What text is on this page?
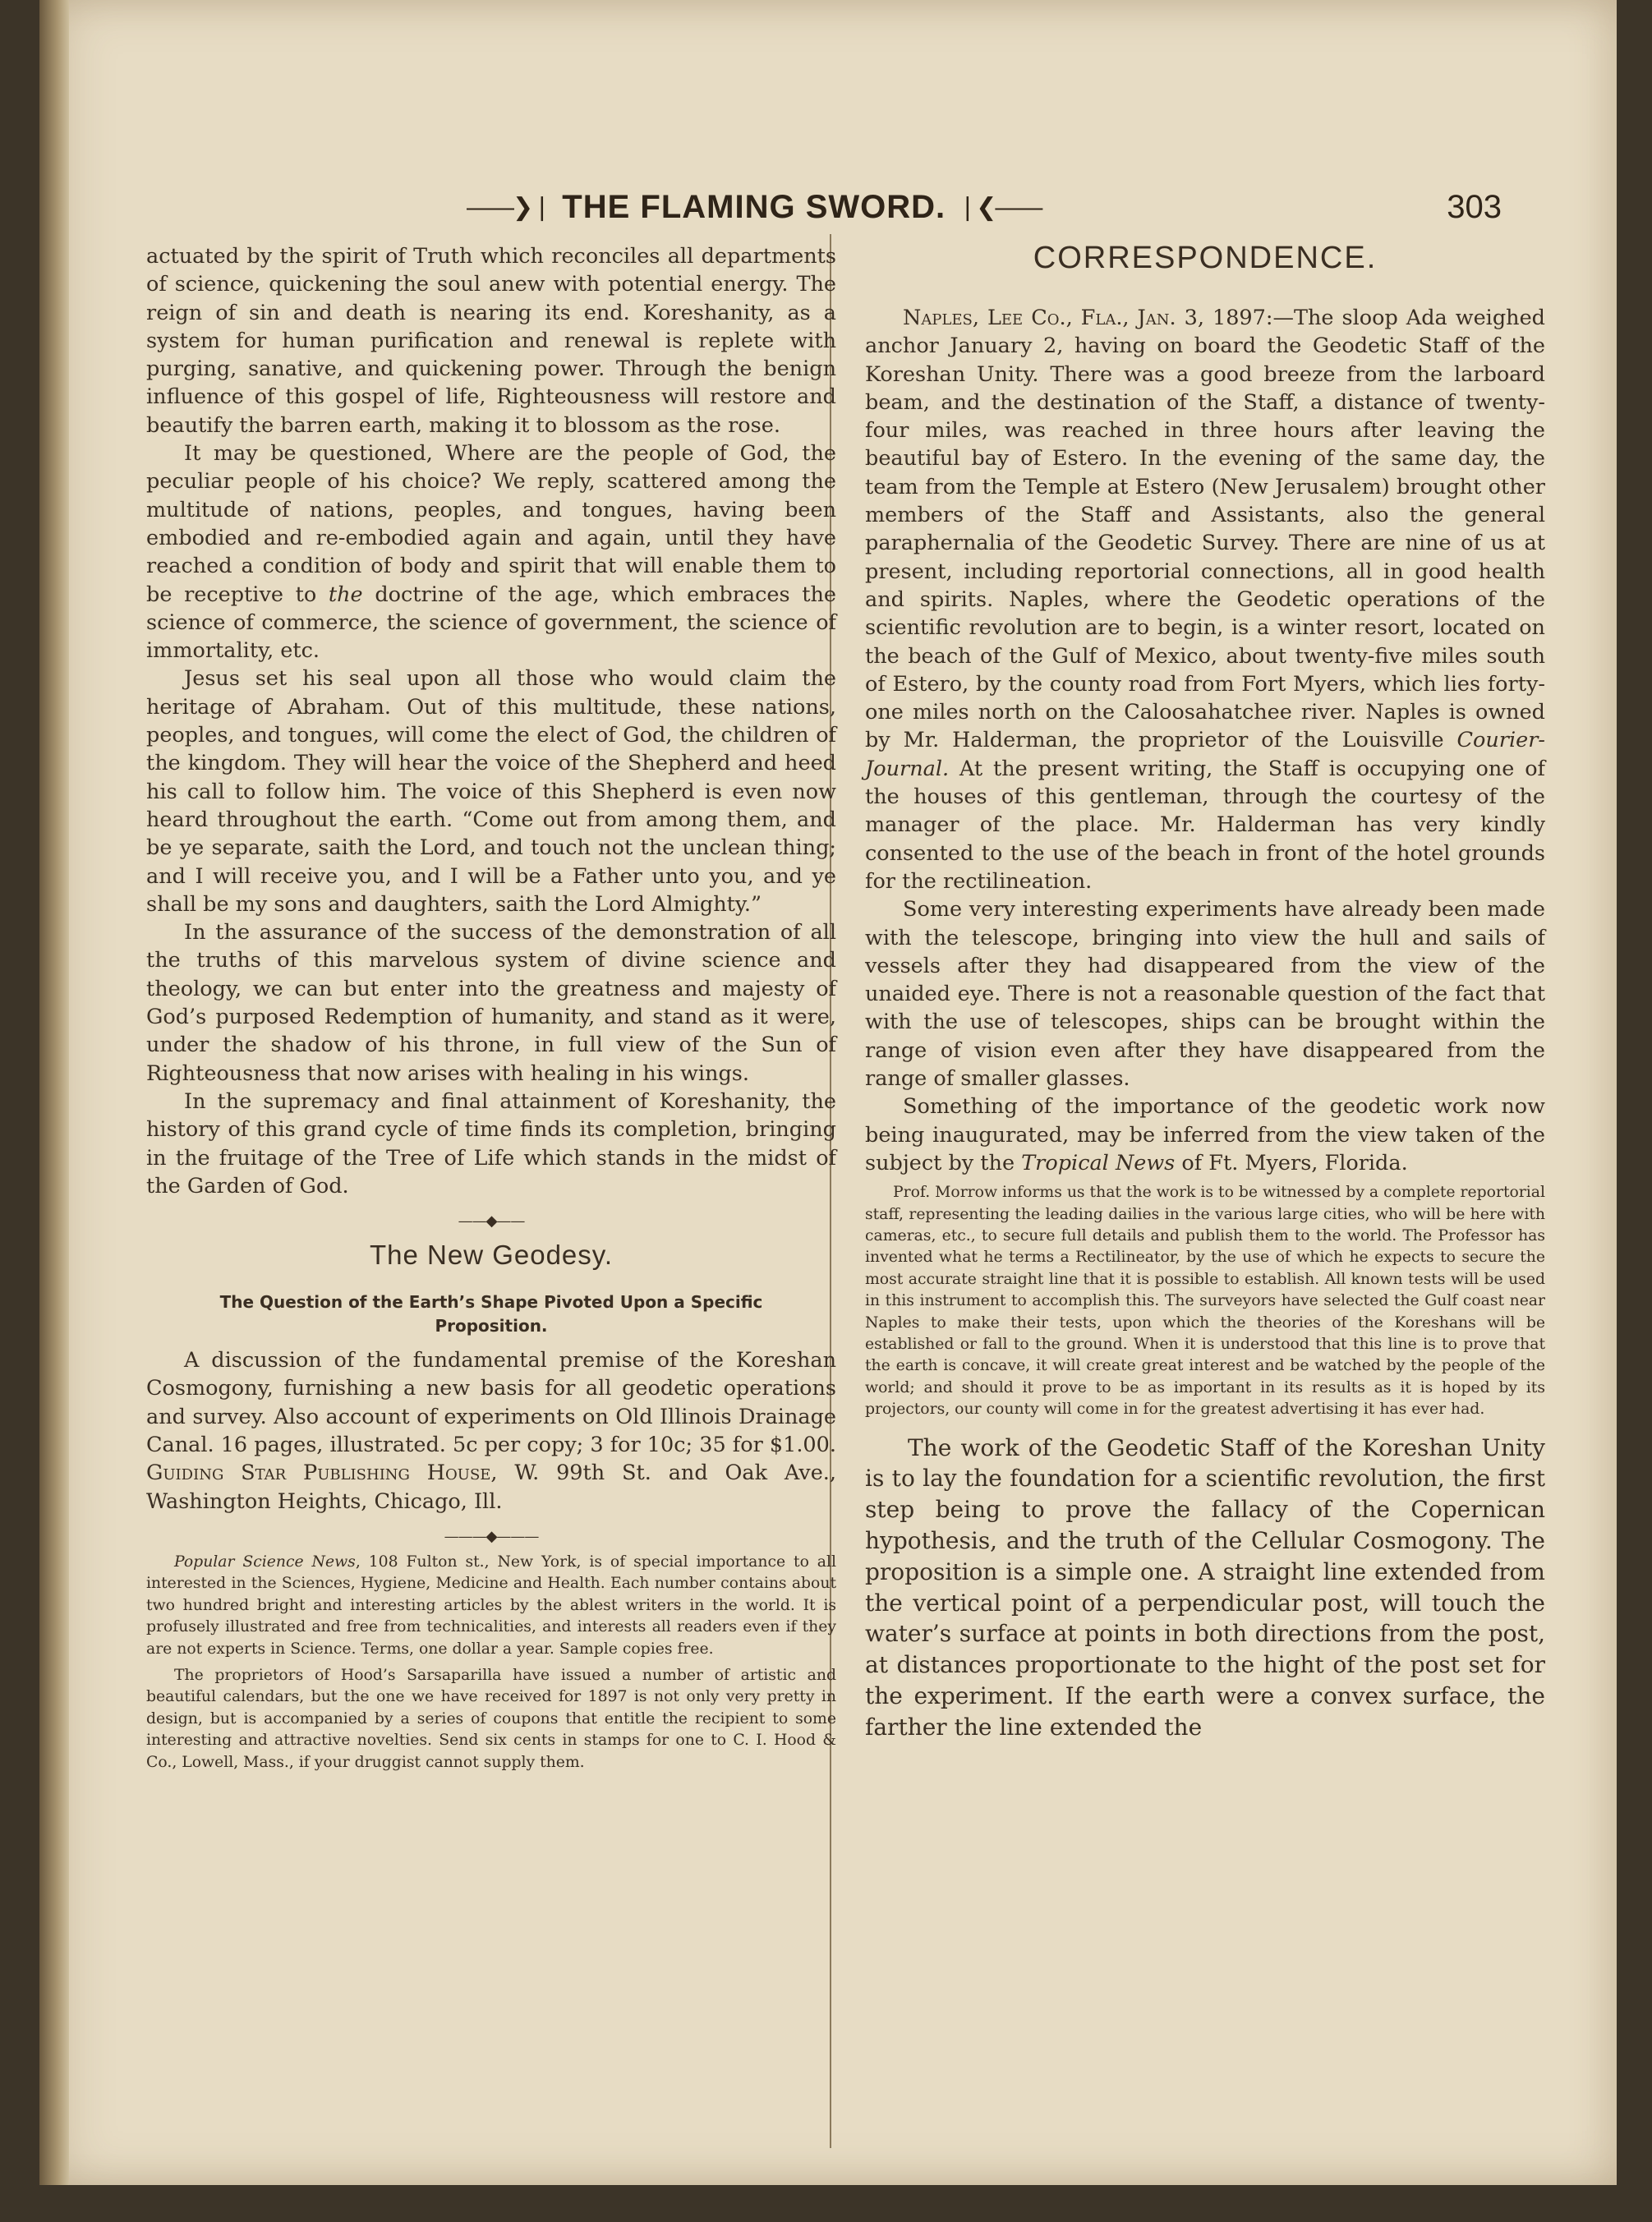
——❯❘ THE FLAMING SWORD. ❘❮——	303

actuated by the spirit of Truth which reconciles all departments of science, quickening the soul anew with potential energy. The reign of sin and death is nearing its end. Koreshanity, as a system for human purification and renewal is replete with purging, sanative, and quickening power. Through the benign influence of this gospel of life, Righteousness will restore and beautify the barren earth, making it to blossom as the rose.

It may be questioned, Where are the people of God, the peculiar people of his choice? We reply, scattered among the multitude of nations, peoples, and tongues, having been embodied and re-embodied again and again, until they have reached a condition of body and spirit that will enable them to be receptive to the doctrine of the age, which embraces the science of commerce, the science of government, the science of immortality, etc.

Jesus set his seal upon all those who would claim the heritage of Abraham. Out of this multitude, these nations, peoples, and tongues, will come the elect of God, the children of the kingdom. They will hear the voice of the Shepherd and heed his call to follow him. The voice of this Shepherd is even now heard throughout the earth. “Come out from among them, and be ye separate, saith the Lord, and touch not the unclean thing; and I will receive you, and I will be a Father unto you, and ye shall be my sons and daughters, saith the Lord Almighty.”

In the assurance of the success of the demonstration of all the truths of this marvelous system of divine science and theology, we can but enter into the greatness and majesty of God’s purposed Redemption of humanity, and stand as it were, under the shadow of his throne, in full view of the Sun of Righteousness that now arises with healing in his wings.

In the supremacy and final attainment of Koreshanity, the history of this grand cycle of time finds its completion, bringing in the fruitage of the Tree of Life which stands in the midst of the Garden of God.

——◆——
The New Geodesy.
The Question of the Earth’s Shape Pivoted Upon a Specific Proposition.

A discussion of the fundamental premise of the Koreshan Cosmogony, furnishing a new basis for all geodetic operations and survey. Also account of experiments on Old Illinois Drainage Canal. 16 pages, illustrated. 5c per copy; 3 for 10c; 35 for $1.00. Guiding Star Publishing House, W. 99th St. and Oak Ave., Washington Heights, Chicago, Ill.

———◆———

Popular Science News, 108 Fulton st., New York, is of special importance to all interested in the Sciences, Hygiene, Medicine and Health. Each number contains about two hundred bright and interesting articles by the ablest writers in the world. It is profusely illustrated and free from technicalities, and interests all readers even if they are not experts in Science. Terms, one dollar a year. Sample copies free.

The proprietors of Hood’s Sarsaparilla have issued a number of artistic and beautiful calendars, but the one we have received for 1897 is not only very pretty in design, but is accompanied by a series of coupons that entitle the recipient to some interesting and attractive novelties. Send six cents in stamps for one to C. I. Hood & Co., Lowell, Mass., if your druggist cannot supply them.

CORRESPONDENCE.

Naples, Lee Co., Fla., Jan. 3, 1897:—The sloop Ada weighed anchor January 2, having on board the Geodetic Staff of the Koreshan Unity. There was a good breeze from the larboard beam, and the destination of the Staff, a distance of twenty-four miles, was reached in three hours after leaving the beautiful bay of Estero. In the evening of the same day, the team from the Temple at Estero (New Jerusalem) brought other members of the Staff and Assistants, also the general paraphernalia of the Geodetic Survey. There are nine of us at present, including reportorial connections, all in good health and spirits. Naples, where the Geodetic operations of the scientific revolution are to begin, is a winter resort, located on the beach of the Gulf of Mexico, about twenty-five miles south of Estero, by the county road from Fort Myers, which lies forty-one miles north on the Caloosahatchee river. Naples is owned by Mr. Halderman, the proprietor of the Louisville Courier-Journal. At the present writing, the Staff is occupying one of the houses of this gentleman, through the courtesy of the manager of the place. Mr. Halderman has very kindly consented to the use of the beach in front of the hotel grounds for the rectilineation.

Some very interesting experiments have already been made with the telescope, bringing into view the hull and sails of vessels after they had disappeared from the view of the unaided eye. There is not a reasonable question of the fact that with the use of telescopes, ships can be brought within the range of vision even after they have disappeared from the range of smaller glasses.

Something of the importance of the geodetic work now being inaugurated, may be inferred from the view taken of the subject by the Tropical News of Ft. Myers, Florida.

Prof. Morrow informs us that the work is to be witnessed by a complete reportorial staff, representing the leading dailies in the various large cities, who will be here with cameras, etc., to secure full details and publish them to the world. The Professor has invented what he terms a Rectilineator, by the use of which he expects to secure the most accurate straight line that it is possible to establish. All known tests will be used in this instrument to accomplish this. The surveyors have selected the Gulf coast near Naples to make their tests, upon which the theories of the Koreshans will be established or fall to the ground. When it is understood that this line is to prove that the earth is concave, it will create great interest and be watched by the people of the world; and should it prove to be as important in its results as it is hoped by its projectors, our county will come in for the greatest advertising it has ever had.

The work of the Geodetic Staff of the Koreshan Unity is to lay the foundation for a scientific revolution, the first step being to prove the fallacy of the Copernican hypothesis, and the truth of the Cellular Cosmogony. The proposition is a simple one. A straight line extended from the vertical point of a perpendicular post, will touch the water’s surface at points in both directions from the post, at distances proportionate to the hight of the post set for the experiment. If the earth were a convex surface, the farther the line extended the
